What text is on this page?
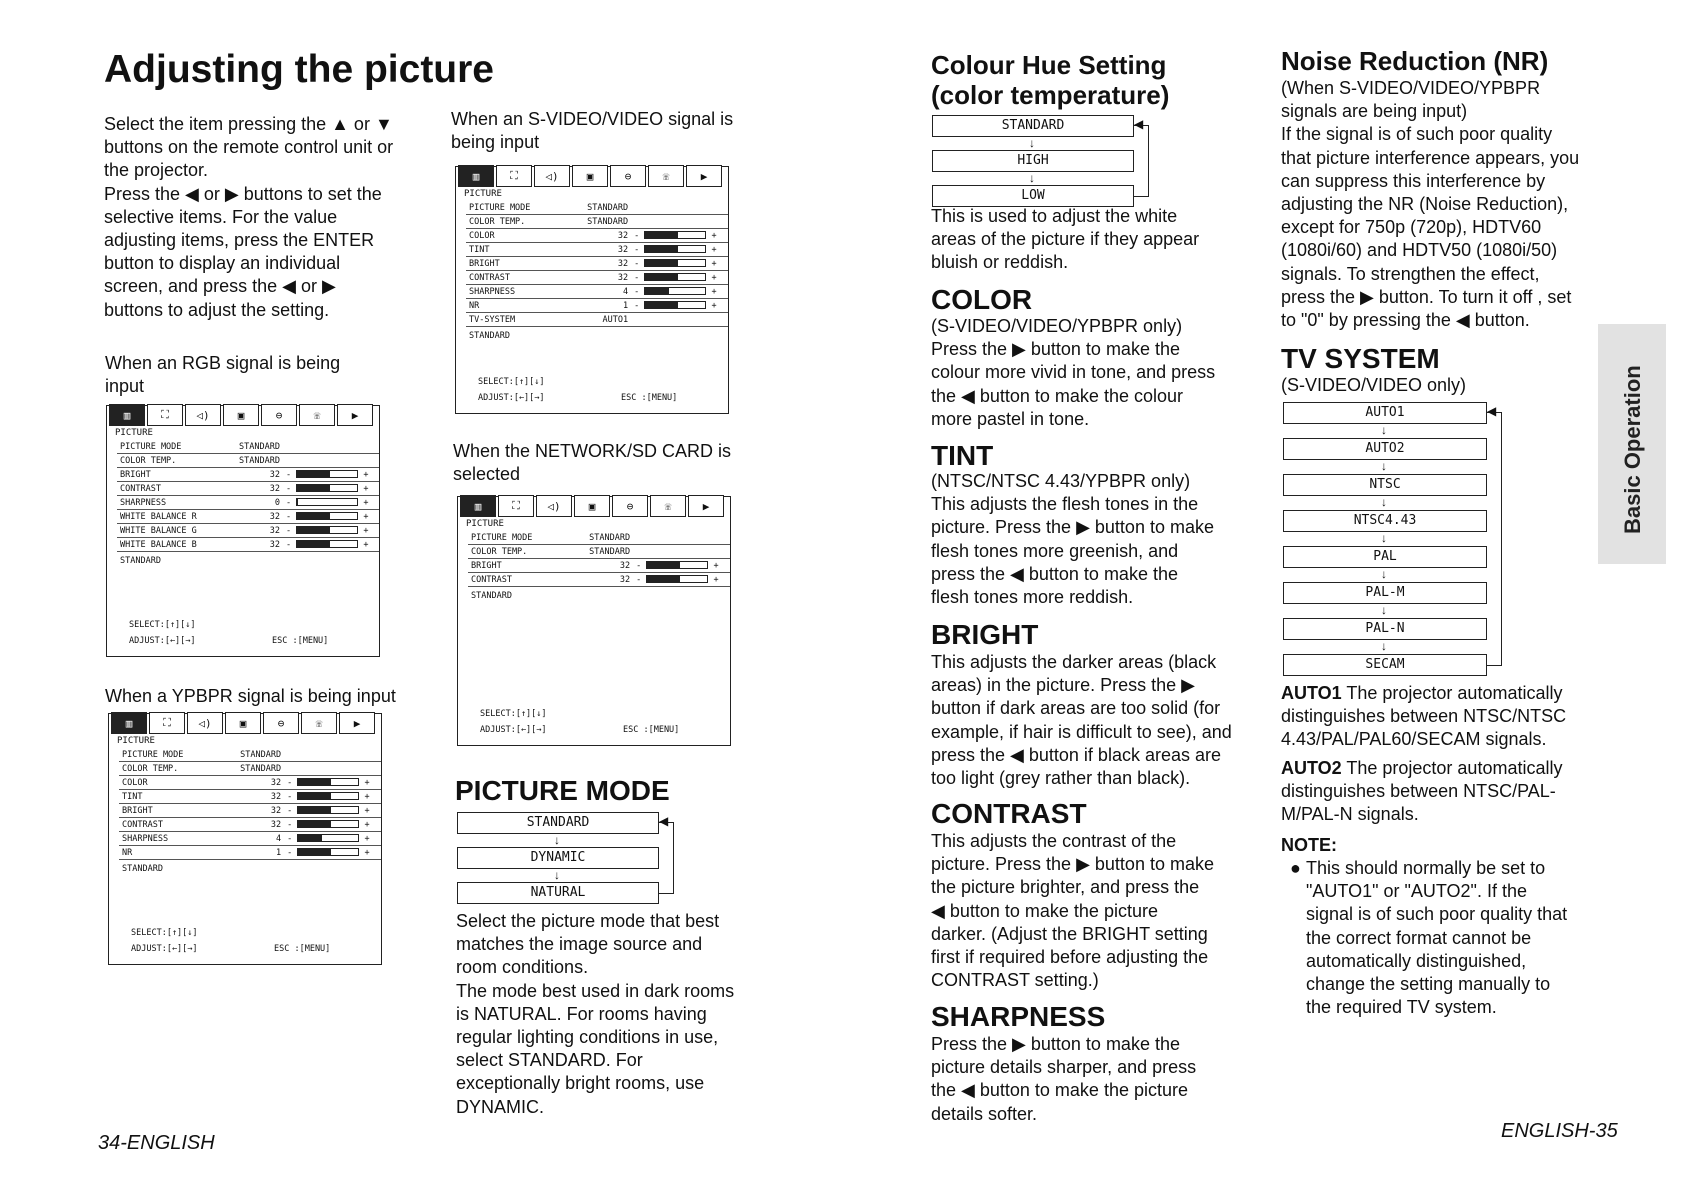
Adjusting the picture
Select the item pressing the ▲ or ▼
buttons on the remote control unit or
the projector.
Press the ◀ or ▶ buttons to set the
selective items. For the value
adjusting items, press the ENTER
button to display an individual
screen, and press the ◀ or ▶
buttons to adjust the setting.
When an RGB signal is being
input
▥	⛶	◁)	▣	⊖	☏	▶
PICTURE
PICTURE MODE	STANDARD	
COLOR TEMP.	STANDARD	
BRIGHT	32	- +
CONTRAST	32	- +
SHARPNESS	0	- +
WHITE BALANCE R	32	- +
WHITE BALANCE G	32	- +
WHITE BALANCE B	32	- +
STANDARD
SELECT:[↑][↓]
ADJUST:[←][→]	ESC :[MENU]
When a YPBPR signal is being input
▥	⛶	◁)	▣	⊖	☏	▶
PICTURE
PICTURE MODE	STANDARD	
COLOR TEMP.	STANDARD	
COLOR	32	- +
TINT	32	- +
BRIGHT	32	- +
CONTRAST	32	- +
SHARPNESS	4	- +
NR	1	- +
STANDARD
SELECT:[↑][↓]
ADJUST:[←][→]	ESC :[MENU]
When an S-VIDEO/VIDEO signal is
being input
▥	⛶	◁)	▣	⊖	☏	▶
PICTURE
PICTURE MODE	STANDARD	
COLOR TEMP.	STANDARD	
COLOR	32	- +
TINT	32	- +
BRIGHT	32	- +
CONTRAST	32	- +
SHARPNESS	4	- +
NR	1	- +
TV-SYSTEM	AUTO1	
STANDARD
SELECT:[↑][↓]
ADJUST:[←][→]	ESC :[MENU]
When the NETWORK/SD CARD is
selected
▥	⛶	◁)	▣	⊖	☏	▶
PICTURE
PICTURE MODE	STANDARD	
COLOR TEMP.	STANDARD	
BRIGHT	32	- +
CONTRAST	32	- +
STANDARD
SELECT:[↑][↓]
ADJUST:[←][→]	ESC :[MENU]
PICTURE MODE
STANDARD
↓
DYNAMIC
↓
NATURAL
◀
Select the picture mode that best
matches the image source and
room conditions.
The mode best used in dark rooms
is NATURAL. For rooms having
regular lighting conditions in use,
select STANDARD. For
exceptionally bright rooms, use
DYNAMIC.
Colour Hue Setting
(color temperature)
STANDARD
↓
HIGH
↓
LOW
◀
This is used to adjust the white
areas of the picture if they appear
bluish or reddish.
COLOR
(S-VIDEO/VIDEO/YPBPR only)
Press the ▶ button to make the
colour more vivid in tone, and press
the ◀ button to make the colour
more pastel in tone.
TINT
(NTSC/NTSC 4.43/YPBPR only)
This adjusts the flesh tones in the
picture. Press the ▶ button to make
flesh tones more greenish, and
press the ◀ button to make the
flesh tones more reddish.
BRIGHT
This adjusts the darker areas (black
areas) in the picture. Press the ▶
button if dark areas are too solid (for
example, if hair is difficult to see), and
press the ◀ button if black areas are
too light (grey rather than black).
CONTRAST
This adjusts the contrast of the
picture. Press the ▶ button to make
the picture brighter, and press the
◀ button to make the picture
darker. (Adjust the BRIGHT setting
first if required before adjusting the
CONTRAST setting.)
SHARPNESS
Press the ▶ button to make the
picture details sharper, and press
the ◀ button to make the picture
details softer.
Noise Reduction (NR)
(When S-VIDEO/VIDEO/YPBPR
signals are being input)
If the signal is of such poor quality
that picture interference appears, you
can suppress this interference by
adjusting the NR (Noise Reduction),
except for 750p (720p), HDTV60
(1080i/60) and HDTV50 (1080i/50)
signals. To strengthen the effect,
press the ▶ button. To turn it off , set
to "0" by pressing the ◀ button.
TV SYSTEM
(S-VIDEO/VIDEO only)
AUTO1
↓
AUTO2
↓
NTSC
↓
NTSC4.43
↓
PAL
↓
PAL-M
↓
PAL-N
↓
SECAM
◀
AUTO1 The projector automatically
distinguishes between NTSC/NTSC
4.43/PAL/PAL60/SECAM signals.
AUTO2 The projector automatically
distinguishes between NTSC/PAL-
M/PAL-N signals.
NOTE:
● This should normally be set to
"AUTO1" or "AUTO2". If the
signal is of such poor quality that
the correct format cannot be
automatically distinguished,
change the setting manually to
the required TV system.
Basic Operation
34-ENGLISH
ENGLISH-35
